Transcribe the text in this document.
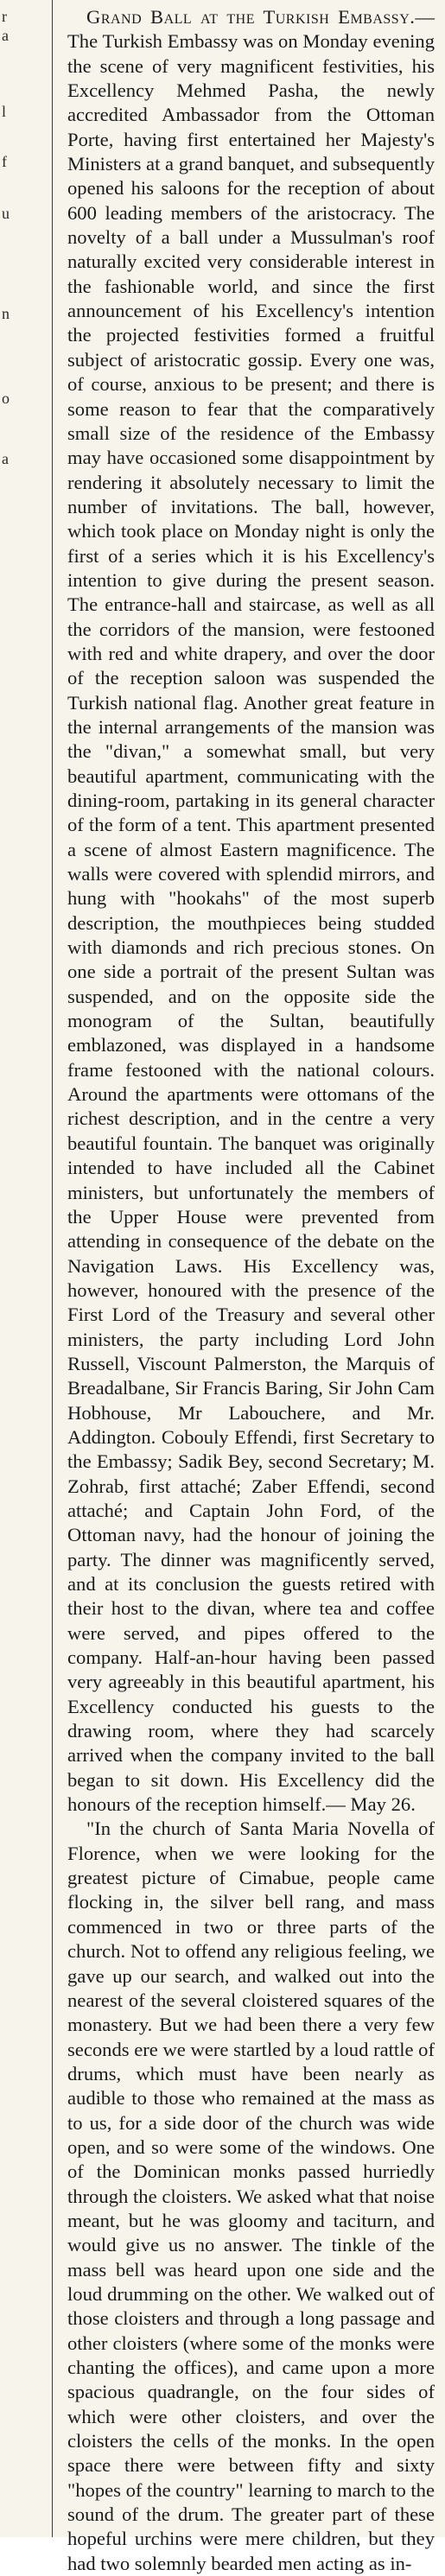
r
a
l
f
u
n
o
a

Grand Ball at the Turkish Embassy.—The Turkish Embassy was on Monday evening the scene of very magnificent festivities, his Excellency Mehmed Pasha, the newly accredited Ambassador from the Ottoman Porte, having first entertained her Majesty's Ministers at a grand banquet, and subsequently opened his saloons for the reception of about 600 leading members of the aristocracy. The novelty of a ball under a Mussulman's roof naturally excited very considerable interest in the fashionable world, and since the first announcement of his Excellency's intention the projected festivities formed a fruitful subject of aristocratic gossip. Every one was, of course, anxious to be present; and there is some reason to fear that the comparatively small size of the residence of the Embassy may have occasioned some disappointment by rendering it absolutely necessary to limit the number of invitations. The ball, however, which took place on Monday night is only the first of a series which it is his Excellency's intention to give during the present season. The entrance-hall and staircase, as well as all the corridors of the mansion, were festooned with red and white drapery, and over the door of the reception saloon was suspended the Turkish national flag. Another great feature in the internal arrangements of the mansion was the "divan," a somewhat small, but very beautiful apartment, communicating with the dining-room, partaking in its general character of the form of a tent. This apartment presented a scene of almost Eastern magnificence. The walls were covered with splendid mirrors, and hung with "hookahs" of the most superb description, the mouthpieces being studded with diamonds and rich precious stones. On one side a portrait of the present Sultan was suspended, and on the opposite side the monogram of the Sultan, beautifully emblazoned, was displayed in a handsome frame festooned with the national colours. Around the apartments were ottomans of the richest description, and in the centre a very beautiful fountain. The banquet was originally intended to have included all the Cabinet ministers, but unfortunately the members of the Upper House were prevented from attending in consequence of the debate on the Navigation Laws. His Excellency was, however, honoured with the presence of the First Lord of the Treasury and several other ministers, the party including Lord John Russell, Viscount Palmerston, the Marquis of Breadalbane, Sir Francis Baring, Sir John Cam Hobhouse, Mr Labouchere, and Mr. Addington. Cobouly Effendi, first Secretary to the Embassy; Sadik Bey, second Secretary; M. Zohrab, first attaché; Zaber Effendi, second attaché; and Captain John Ford, of the Ottoman navy, had the honour of joining the party. The dinner was magnificently served, and at its conclusion the guests retired with their host to the divan, where tea and coffee were served, and pipes offered to the company. Half-an-hour having been passed very agreeably in this beautiful apartment, his Excellency conducted his guests to the drawing room, where they had scarcely arrived when the company invited to the ball began to sit down. His Excellency did the honours of the reception himself.— May 26.

"In the church of Santa Maria Novella of Florence, when we were looking for the greatest picture of Cimabue, people came flocking in, the silver bell rang, and mass commenced in two or three parts of the church. Not to offend any religious feeling, we gave up our search, and walked out into the nearest of the several cloistered squares of the monastery. But we had been there a very few seconds ere we were startled by a loud rattle of drums, which must have been nearly as audible to those who remained at the mass as to us, for a side door of the church was wide open, and so were some of the windows. One of the Dominican monks passed hurriedly through the cloisters. We asked what that noise meant, but he was gloomy and taciturn, and would give us no answer. The tinkle of the mass bell was heard upon one side and the loud drumming on the other. We walked out of those cloisters and through a long passage and other cloisters (where some of the monks were chanting the offices), and came upon a more spacious quadrangle, on the four sides of which were other cloisters, and over the cloisters the cells of the monks. In the open space there were between fifty and sixty "hopes of the country" learning to march to the sound of the drum. The greater part of these hopeful urchins were mere children, but they had two solemnly bearded men acting as in-
